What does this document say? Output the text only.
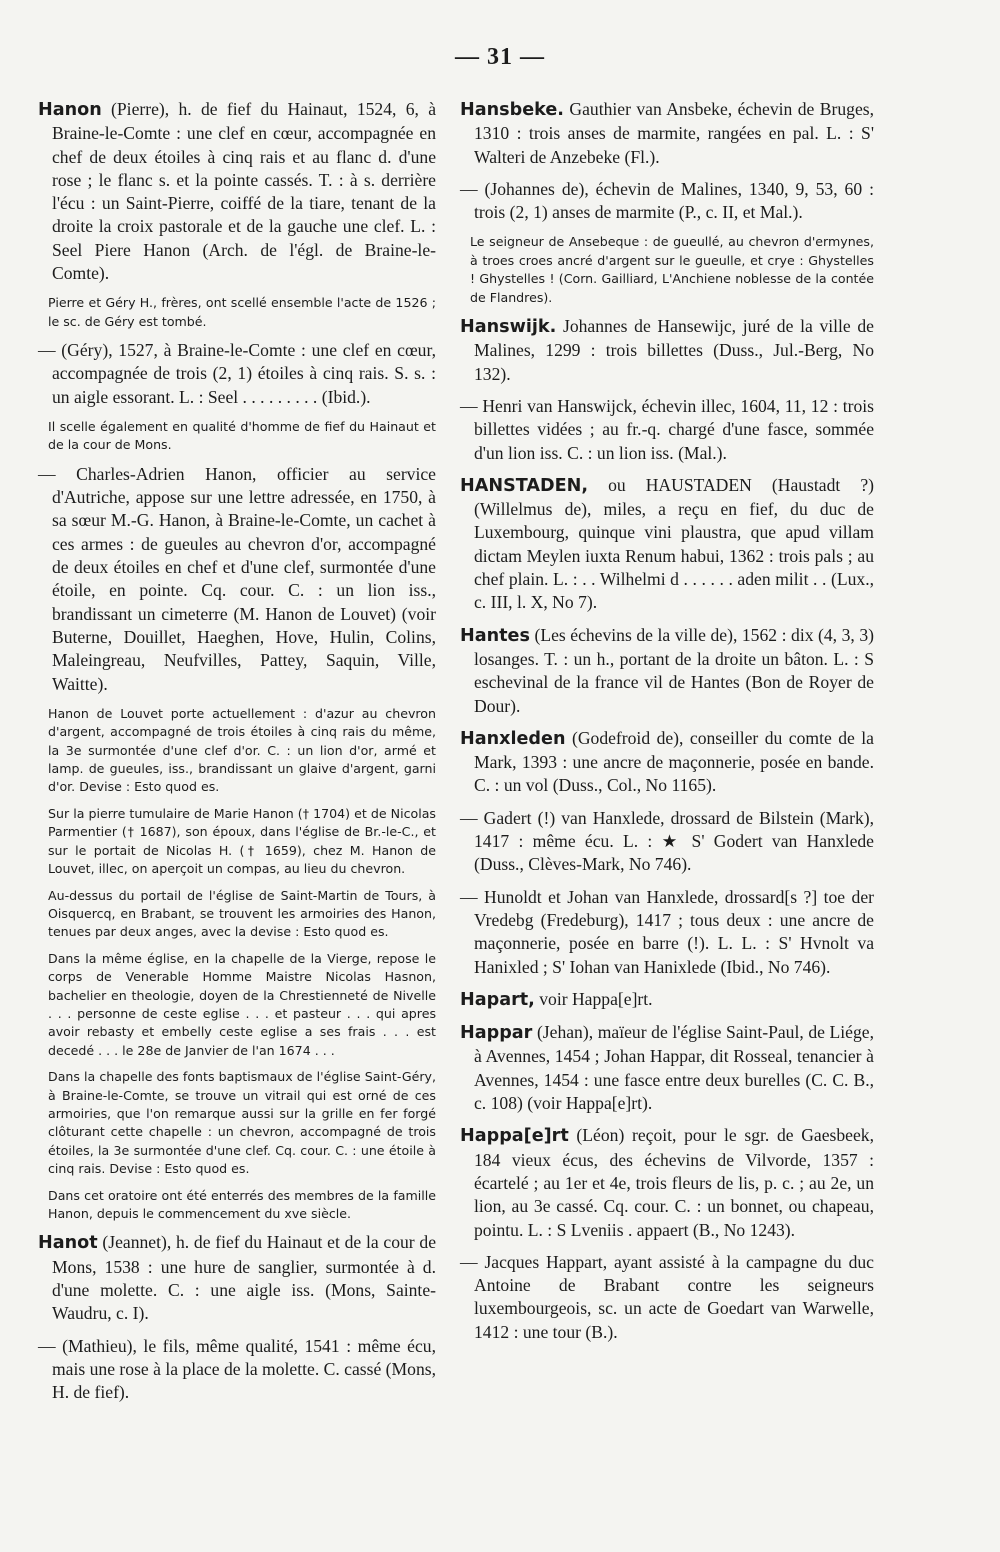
— 31 —
Hanon (Pierre), h. de fief du Hainaut, 1524, 6, à Braine-le-Comte : une clef en cœur, accompagnée en chef de deux étoiles à cinq rais et au flanc d. d'une rose ; le flanc s. et la pointe cassés. T. : à s. derrière l'écu : un Saint-Pierre, coiffé de la tiare, tenant de la droite la croix pastorale et de la gauche une clef. L. : Seel Piere Hanon (Arch. de l'égl. de Braine-le-Comte).
Pierre et Géry H., frères, ont scellé ensemble l'acte de 1526 ; le sc. de Géry est tombé.
— (Géry), 1527, à Braine-le-Comte : une clef en cœur, accompagnée de trois (2, 1) étoiles à cinq rais. S. s. : un aigle essorant. L. : Seel . . . . . . . . . (Ibid.).
Il scelle également en qualité d'homme de fief du Hainaut et de la cour de Mons.
— Charles-Adrien Hanon, officier au service d'Autriche, appose sur une lettre adressée, en 1750, à sa sœur M.-G. Hanon, à Braine-le-Comte, un cachet à ces armes : de gueules au chevron d'or, accompagné de deux étoiles en chef et d'une clef, surmontée d'une étoile, en pointe. Cq. cour. C. : un lion iss., brandissant un cimeterre (M. Hanon de Louvet) (voir Buterne, Douillet, Haeghen, Hove, Hulin, Colins, Maleingreau, Neufvilles, Pattey, Saquin, Ville, Waitte).
Hanon de Louvet porte actuellement : d'azur au chevron d'argent, accompagné de trois étoiles à cinq rais du même, la 3e surmontée d'une clef d'or. C. : un lion d'or, armé et lamp. de gueules, iss., brandissant un glaive d'argent, garni d'or. Devise : Esto quod es.
Sur la pierre tumulaire de Marie Hanon († 1704) et de Nicolas Parmentier († 1687), son époux, dans l'église de Br.-le-C., et sur le portait de Nicolas H. († 1659), chez M. Hanon de Louvet, illec, on aperçoit un compas, au lieu du chevron.
Au-dessus du portail de l'église de Saint-Martin de Tours, à Oisquercq, en Brabant, se trouvent les armoiries des Hanon, tenues par deux anges, avec la devise : Esto quod es.
Dans la même église, en la chapelle de la Vierge, repose le corps de Venerable Homme Maistre Nicolas Hasnon, bachelier en theologie, doyen de la Chrestienneté de Nivelle . . . personne de ceste eglise . . . et pasteur . . . qui apres avoir rebasty et embelly ceste eglise a ses frais . . . est decedé . . . le 28e de Janvier de l'an 1674 . . .
Dans la chapelle des fonts baptismaux de l'église Saint-Géry, à Braine-le-Comte, se trouve un vitrail qui est orné de ces armoiries, que l'on remarque aussi sur la grille en fer forgé clôturant cette chapelle : un chevron, accompagné de trois étoiles, la 3e surmontée d'une clef. Cq. cour. C. : une étoile à cinq rais. Devise : Esto quod es.
Dans cet oratoire ont été enterrés des membres de la famille Hanon, depuis le commencement du xve siècle.
Hanot (Jeannet), h. de fief du Hainaut et de la cour de Mons, 1538 : une hure de sanglier, surmontée à d. d'une molette. C. : une aigle iss. (Mons, Sainte-Waudru, c. I).
— (Mathieu), le fils, même qualité, 1541 : même écu, mais une rose à la place de la molette. C. cassé (Mons, H. de fief).
Hansbeke. Gauthier van Ansbeke, échevin de Bruges, 1310 : trois anses de marmite, rangées en pal. L. : S' Walteri de Anzebeke (Fl.).
— (Johannes de), échevin de Malines, 1340, 9, 53, 60 : trois (2, 1) anses de marmite (P., c. II, et Mal.).
Le seigneur de Ansebeque : de gueullé, au chevron d'ermynes, à troes croes ancré d'argent sur le gueulle, et crye : Ghystelles ! Ghystelles ! (Corn. Gailliard, L'Anchiene noblesse de la contée de Flandres).
Hanswijk. Johannes de Hansewijc, juré de la ville de Malines, 1299 : trois billettes (Duss., Jul.-Berg, No 132).
— Henri van Hanswijck, échevin illec, 1604, 11, 12 : trois billettes vidées ; au fr.-q. chargé d'une fasce, sommée d'un lion iss. C. : un lion iss. (Mal.).
HANSTADEN, ou HAUSTADEN (Haustadt ?) (Willelmus de), miles, a reçu en fief, du duc de Luxembourg, quinque vini plaustra, que apud villam dictam Meylen iuxta Renum habui, 1362 : trois pals ; au chef plain. L. : . . Wilhelmi d . . . . . . aden milit . . (Lux., c. III, l. X, No 7).
Hantes (Les échevins de la ville de), 1562 : dix (4, 3, 3) losanges. T. : un h., portant de la droite un bâton. L. : S eschevinal de la france vil de Hantes (Bon de Royer de Dour).
Hanxleden (Godefroid de), conseiller du comte de la Mark, 1393 : une ancre de maçonnerie, posée en bande. C. : un vol (Duss., Col., No 1165).
— Gadert (!) van Hanxlede, drossard de Bilstein (Mark), 1417 : même écu. L. : ★ S' Godert van Hanxlede (Duss., Clèves-Mark, No 746).
— Hunoldt et Johan van Hanxlede, drossard[s ?] toe der Vredebg (Fredeburg), 1417 ; tous deux : une ancre de maçonnerie, posée en barre (!). L. L. : S' Hvnolt va Hanixled ; S' Iohan van Hanixlede (Ibid., No 746).
Hapart, voir Happa[e]rt.
Happar (Jehan), maïeur de l'église Saint-Paul, de Liége, à Avennes, 1454 ; Johan Happar, dit Rosseal, tenancier à Avennes, 1454 : une fasce entre deux burelles (C. C. B., c. 108) (voir Happa[e]rt).
Happa[e]rt (Léon) reçoit, pour le sgr. de Gaesbeek, 184 vieux écus, des échevins de Vilvorde, 1357 : écartelé ; au 1er et 4e, trois fleurs de lis, p. c. ; au 2e, un lion, au 3e cassé. Cq. cour. C. : un bonnet, ou chapeau, pointu. L. : S Lveniis . appaert (B., No 1243).
— Jacques Happart, ayant assisté à la campagne du duc Antoine de Brabant contre les seigneurs luxembourgeois, sc. un acte de Goedart van Warwelle, 1412 : une tour (B.).
